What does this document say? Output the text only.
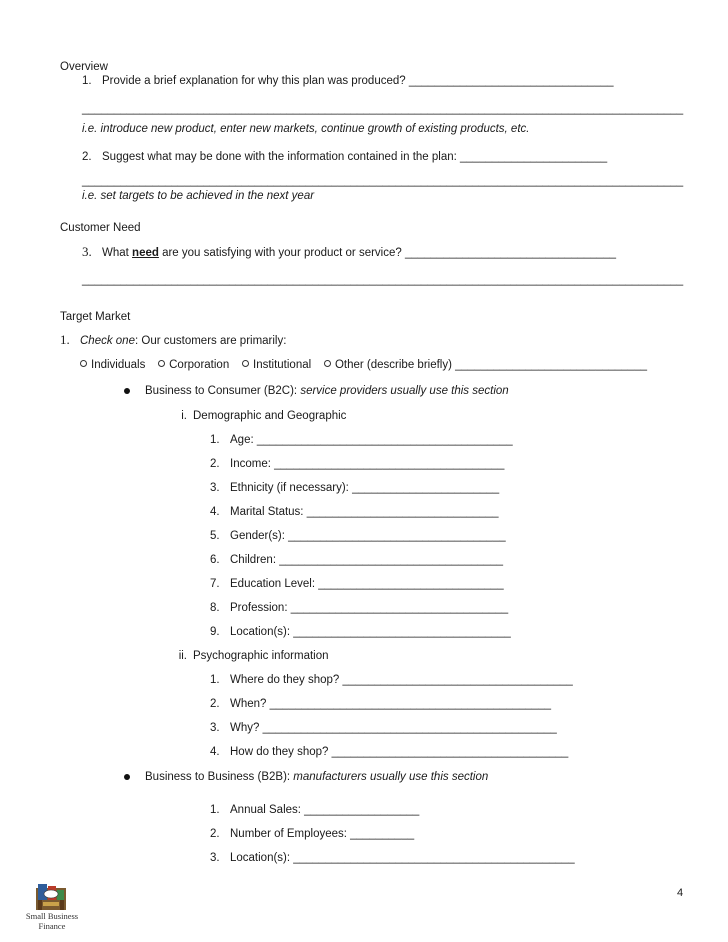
Overview
1. Provide a brief explanation for why this plan was produced? ________________________________
______________________________________________________________________________________________
i.e. introduce new product, enter new markets, continue growth of existing products, etc.
2. Suggest what may be done with the information contained in the plan: _______________________
______________________________________________________________________________________________
i.e. set targets to be achieved in the next year
Customer Need
3. What need are you satisfying with your product or service? _________________________________
______________________________________________________________________________________________
Target Market
1. Check one: Our customers are primarily:
Individuals Corporation Institutional Other (describe briefly) ______________________________
Business to Consumer (B2C): service providers usually use this section
i. Demographic and Geographic
1. Age: ________________________________________
2. Income: ____________________________________
3. Ethnicity (if necessary): _______________________
4. Marital Status: ______________________________
5. Gender(s): __________________________________
6. Children: ___________________________________
7. Education Level: _____________________________
8. Profession: __________________________________
9. Location(s): __________________________________
ii. Psychographic information
1. Where do they shop? ____________________________________
2. When? ____________________________________________
3. Why? ______________________________________________
4. How do they shop? _____________________________________
Business to Business (B2B): manufacturers usually use this section
1. Annual Sales: __________________
2. Number of Employees: __________
3. Location(s): ____________________________________________
Small Business Finance
4
